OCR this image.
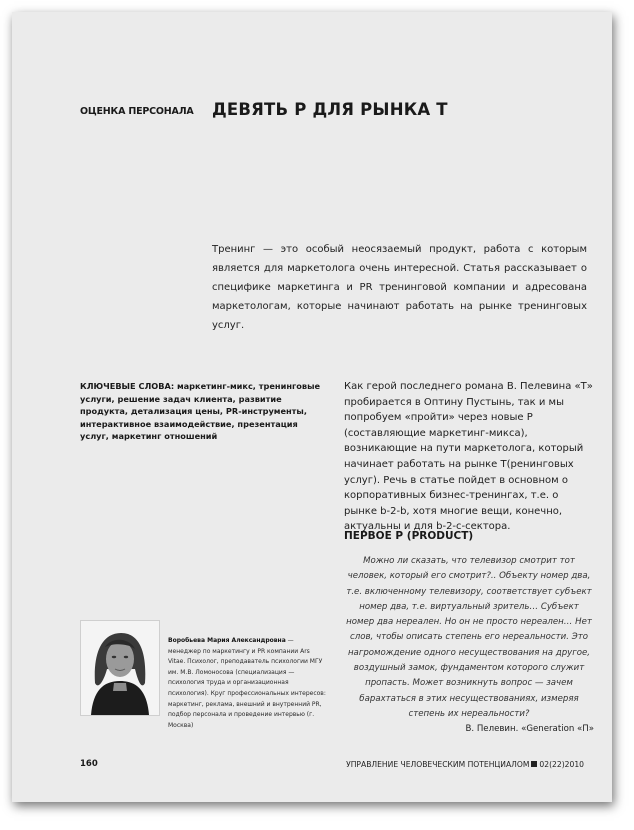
ОЦЕНКА ПЕРСОНАЛА ДЕВЯТЬ Р ДЛЯ РЫНКА Т
Тренинг — это особый неосязаемый продукт, работа с которым является для маркетолога очень интересной. Статья рассказывает о специфике маркетинга и PR тренинговой компании и адресована маркетологам, которые начинают работать на рынке тренинговых услуг.
КЛЮЧЕВЫЕ СЛОВА: маркетинг-микс, тренинговые услуги, решение задач клиента, развитие продукта, детализация цены, PR-инструменты, интерактивное взаимодействие, презентация услуг, маркетинг отношений
Как герой последнего романа В. Пелевина «Т» пробирается в Оптину Пустынь, так и мы попробуем «пройти» через новые Р (составляющие маркетинг-микса), возникающие на пути маркетолога, который начинает работать на рынке Т(ренинговых услуг). Речь в статье пойдет в основном о корпоративных бизнес-тренингах, т.е. о рынке b-2-b, хотя многие вещи, конечно, актуальны и для b-2-c-сектора.
ПЕРВОЕ Р (PRODUCT)
Можно ли сказать, что телевизор смотрит тот человек, который его смотрит?.. Объекту номер два, т.е. включенному телевизору, соответствует субъект номер два, т.е. виртуальный зритель… Субъект номер два нереален. Но он не просто нереален… Нет слов, чтобы описать степень его нереальности. Это нагромождение одного несуществования на другое, воздушный замок, фундаментом которого служит пропасть. Может возникнуть вопрос — зачем барахтаться в этих несуществованиях, измеряя степень их нереальности?
В. Пелевин. «Generation «П»
Воробьева Мария Александровна — менеджер по маркетингу и PR компании Ars Vitae. Психолог, преподаватель психологии МГУ им. М.В. Ломоносова (специализация — психология труда и организационная психология). Круг профессиональных интересов: маркетинг, реклама, внешний и внутренний PR, подбор персонала и проведение интервью (г. Москва)
160	УПРАВЛЕНИЕ ЧЕЛОВЕЧЕСКИМ ПОТЕНЦИАЛОМ 02(22)2010
